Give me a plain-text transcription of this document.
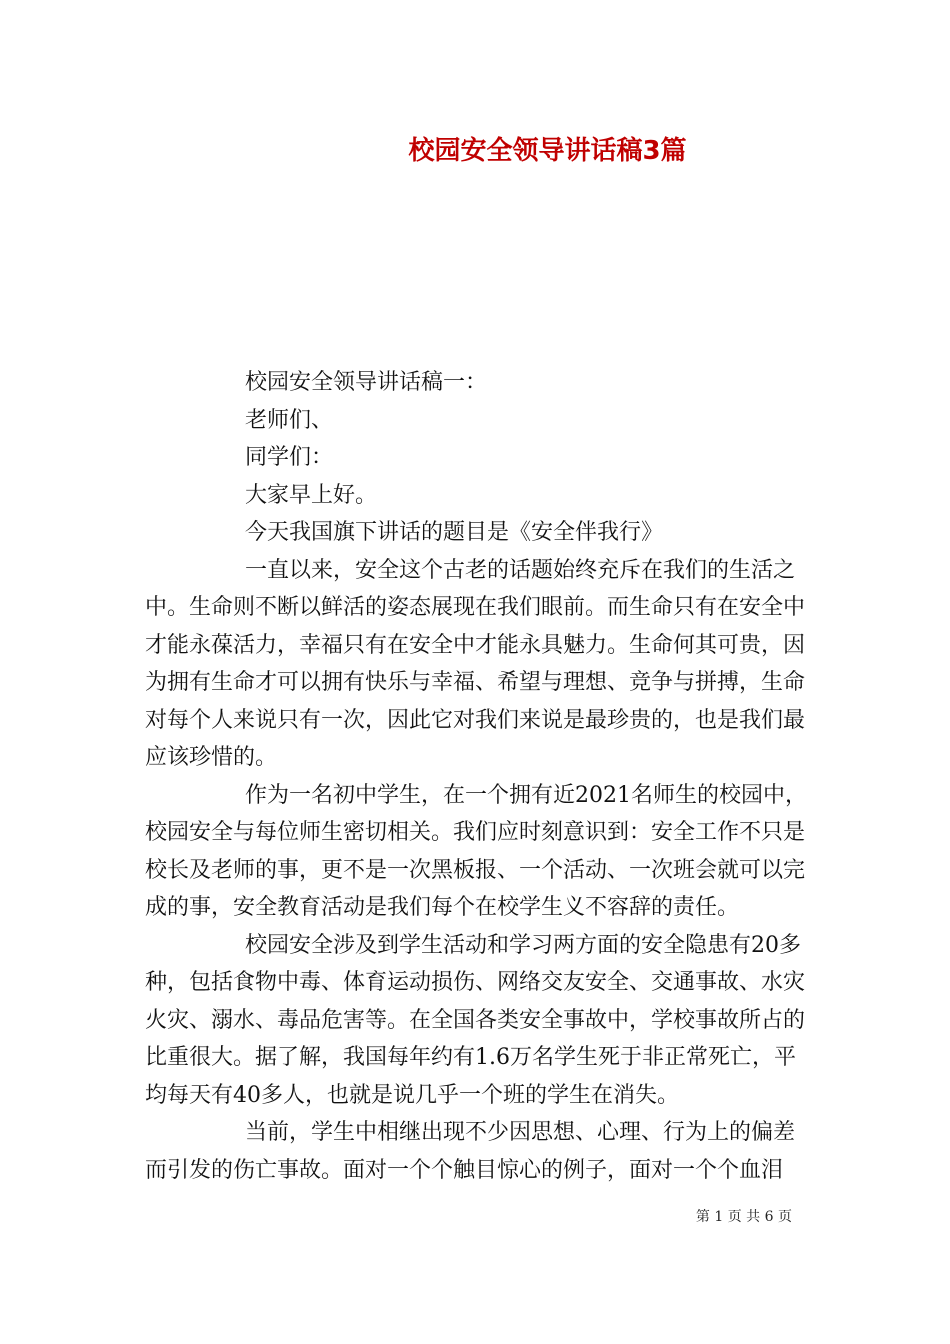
校园安全领导讲话稿3篇

校园安全领导讲话稿一：

老师们、

同学们：

大家早上好。

今天我国旗下讲话的题目是《安全伴我行》

一直以来，安全这个古老的话题始终充斥在我们的生活之中。生命则不断以鲜活的姿态展现在我们眼前。而生命只有在安全中才能永葆活力，幸福只有在安全中才能永具魅力。生命何其可贵，因为拥有生命才可以拥有快乐与幸福、希望与理想、竞争与拼搏，生命对每个人来说只有一次，因此它对我们来说是最珍贵的，也是我们最应该珍惜的。

作为一名初中学生，在一个拥有近2021名师生的校园中，校园安全与每位师生密切相关。我们应时刻意识到：安全工作不只是校长及老师的事，更不是一次黑板报、一个活动、一次班会就可以完成的事，安全教育活动是我们每个在校学生义不容辞的责任。

校园安全涉及到学生活动和学习两方面的安全隐患有20多种，包括食物中毒、体育运动损伤、网络交友安全、交通事故、水灾火灾、溺水、毒品危害等。在全国各类安全事故中，学校事故所占的比重很大。据了解，我国每年约有1.6万名学生死于非正常死亡，平均每天有40多人，也就是说几乎一个班的学生在消失。

当前，学生中相继出现不少因思想、心理、行为上的偏差而引发的伤亡事故。面对一个个触目惊心的例子，面对一个个血泪

第 1 页 共 6 页
